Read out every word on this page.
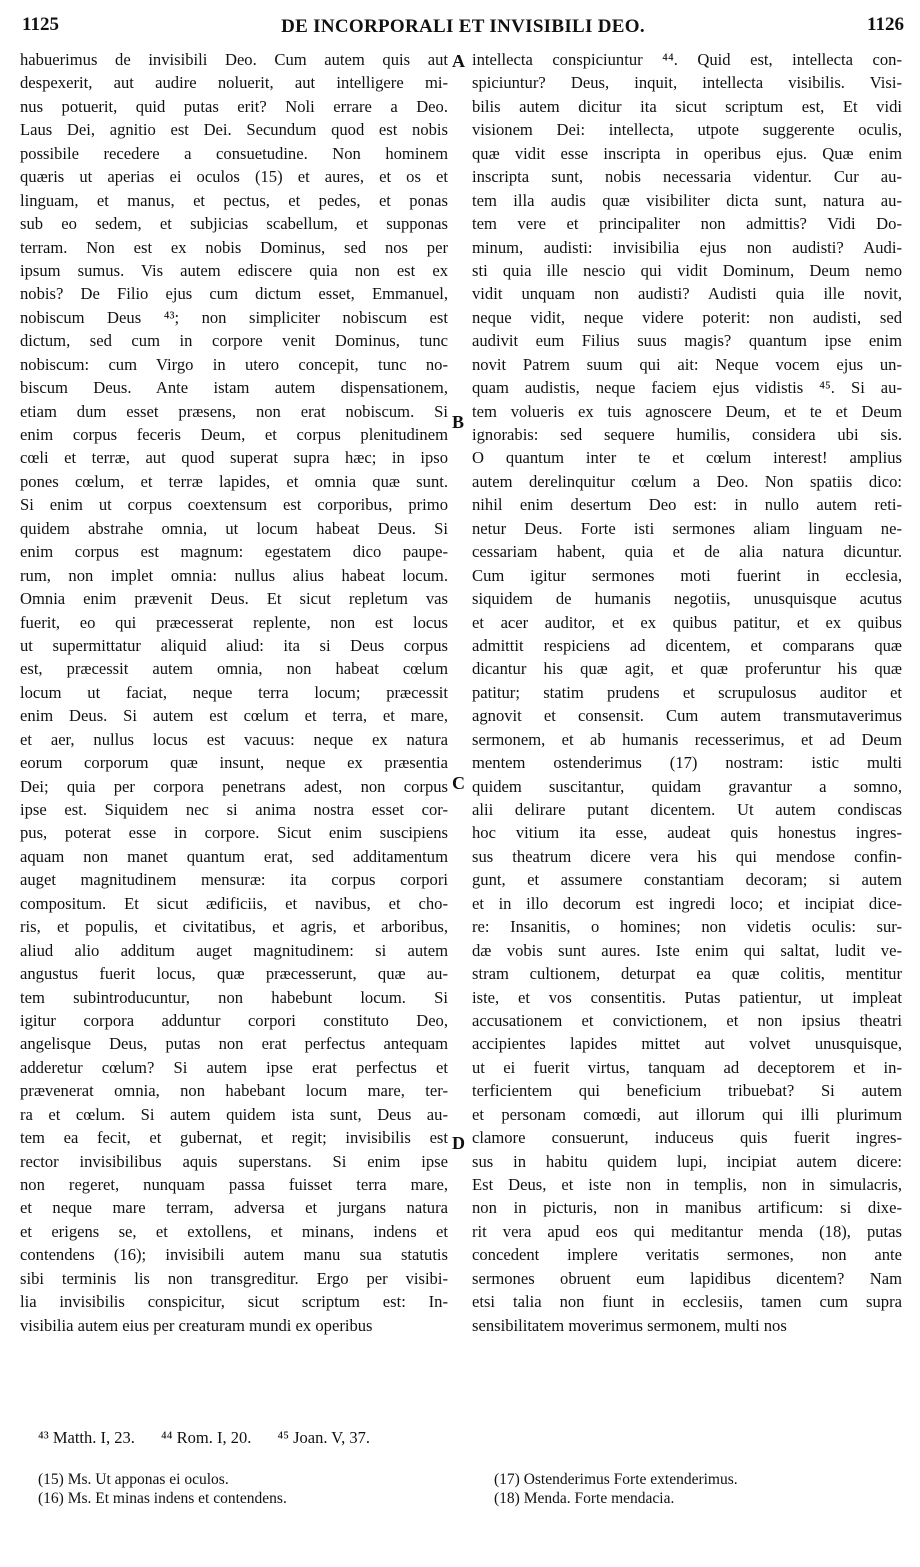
1125	DE INCORPORALI ET INVISIBILI DEO.	1126
habuerimus de invisibili Deo. Cum autem quis aut
despexerit, aut audire noluerit, aut intelligere mi-
nus potuerit, quid putas erit? Noli errare a Deo.
Laus Dei, agnitio est Dei. Secundum quod est nobis
possibile recedere a consuetudine. Non hominem
quæris ut aperias ei oculos (15) et aures, et os et
linguam, et manus, et pectus, et pedes, et ponas
sub eo sedem, et subjicias scabellum, et supponas
terram. Non est ex nobis Dominus, sed nos per
ipsum sumus. Vis autem ediscere quia non est ex
nobis? De Filio ejus cum dictum esset, Emmanuel,
nobiscum Deus ⁴³; non simpliciter nobiscum est
dictum, sed cum in corpore venit Dominus, tunc
nobiscum: cum Virgo in utero concepit, tunc no-
biscum Deus. Ante istam autem dispensationem,
etiam dum esset præsens, non erat nobiscum. Si
enim corpus feceris Deum, et corpus plenitudinem
cœli et terræ, aut quod superat supra hæc; in ipso
pones cœlum, et terræ lapides, et omnia quæ sunt.
Si enim ut corpus coextensum est corporibus, primo
quidem abstrahe omnia, ut locum habeat Deus. Si
enim corpus est magnum: egestatem dico paupe-
rum, non implet omnia: nullus alius habeat locum.
Omnia enim prævenit Deus. Et sicut repletum vas
fuerit, eo qui præcesserat replente, non est locus
ut supermittatur aliquid aliud: ita si Deus corpus
est, præcessit autem omnia, non habeat cœlum
locum ut faciat, neque terra locum; præcessit
enim Deus. Si autem est cœlum et terra, et mare,
et aer, nullus locus est vacuus: neque ex natura
eorum corporum quæ insunt, neque ex præsentia
Dei; quia per corpora penetrans adest, non corpus
ipse est. Siquidem nec si anima nostra esset cor-
pus, poterat esse in corpore. Sicut enim suscipiens
aquam non manet quantum erat, sed additamentum
auget magnitudinem mensuræ: ita corpus corpori
compositum. Et sicut ædificiis, et navibus, et cho-
ris, et populis, et civitatibus, et agris, et arboribus,
aliud alio additum auget magnitudinem: si autem
angustus fuerit locus, quæ præcesserunt, quæ au-
tem subintroducuntur, non habebunt locum. Si
igitur corpora adduntur corpori constituto Deo,
angelisque Deus, putas non erat perfectus antequam
adderetur cœlum? Si autem ipse erat perfectus et
prævenerat omnia, non habebant locum mare, ter-
ra et cœlum. Si autem quidem ista sunt, Deus au-
tem ea fecit, et gubernat, et regit; invisibilis est
rector invisibilibus aquis superstans. Si enim ipse
non regeret, nunquam passa fuisset terra mare,
et neque mare terram, adversa et jurgans natura
et erigens se, et extollens, et minans, indens et
contendens (16); invisibili autem manu sua statutis
sibi terminis lis non transgreditur. Ergo per visibi-
lia invisibilis conspicitur, sicut scriptum est: In-
visibilia autem eius per creaturam mundi ex operibus
intellecta conspiciuntur ⁴⁴. Quid est, intellecta con-
spiciuntur? Deus, inquit, intellecta visibilis. Visi-
bilis autem dicitur ita sicut scriptum est, Et vidi
visionem Dei: intellecta, utpote suggerente oculis,
quæ vidit esse inscripta in operibus ejus. Quæ enim
inscripta sunt, nobis necessaria videntur. Cur au-
tem illa audis quæ visibiliter dicta sunt, natura au-
tem vere et principaliter non admittis? Vidi Do-
minum, audisti: invisibilia ejus non audisti? Audi-
sti quia ille nescio qui vidit Dominum, Deum nemo
vidit unquam non audisti? Audisti quia ille novit,
neque vidit, neque videre poterit: non audisti, sed
audivit eum Filius suus magis? quantum ipse enim
novit Patrem suum qui ait: Neque vocem ejus un-
quam audistis, neque faciem ejus vidistis ⁴⁵. Si au-
tem volueris ex tuis agnoscere Deum, et te et Deum
ignorabis: sed sequere humilis, considera ubi sis.
O quantum inter te et cœlum interest! amplius
autem derelinquitur cœlum a Deo. Non spatiis dico:
nihil enim desertum Deo est: in nullo autem reti-
netur Deus. Forte isti sermones aliam linguam ne-
cessariam habent, quia et de alia natura dicuntur.
Cum igitur sermones moti fuerint in ecclesia,
siquidem de humanis negotiis, unusquisque acutus
et acer auditor, et ex quibus patitur, et ex quibus
admittit respiciens ad dicentem, et comparans quæ
dicantur his quæ agit, et quæ proferuntur his quæ
patitur; statim prudens et scrupulosus auditor et
agnovit et consensit. Cum autem transmutaverimus
sermonem, et ab humanis recesserimus, et ad Deum
mentem ostenderimus (17) nostram: istic multi
quidem suscitantur, quidam gravantur a somno,
alii delirare putant dicentem. Ut autem condiscas
hoc vitium ita esse, audeat quis honestus ingres-
sus theatrum dicere vera his qui mendose confin-
gunt, et assumere constantiam decoram; si autem
et in illo decorum est ingredi loco; et incipiat dice-
re: Insanitis, o homines; non videtis oculis: sur-
dæ vobis sunt aures. Iste enim qui saltat, ludit ve-
stram cultionem, deturpat ea quæ colitis, mentitur
iste, et vos consentitis. Putas patientur, ut impleat
accusationem et convictionem, et non ipsius theatri
accipientes lapides mittet aut volvet unusquisque,
ut ei fuerit virtus, tanquam ad deceptorem et in-
terficientem qui beneficium tribuebat? Si autem
et personam comœdi, aut illorum qui illi plurimum
clamore consuerunt, induceus quis fuerit ingres-
sus in habitu quidem lupi, incipiat autem dicere:
Est Deus, et iste non in templis, non in simulacris,
non in picturis, non in manibus artificum: si dixe-
rit vera apud eos qui meditantur menda (18), putas
concedent implere veritatis sermones, non ante
sermones obruent eum lapidibus dicentem? Nam
etsi talia non fiunt in ecclesiis, tamen cum supra
sensibilitatem moverimus sermonem, multi nos
A
B
C
D
⁴³ Matth. I, 23. ⁴⁴ Rom. I, 20. ⁴⁵ Joan. V, 37.
(15) Ms. Ut apponas ei oculos.
(16) Ms. Et minas indens et contendens.
(17) Ostenderimus Forte extenderimus.
(18) Menda. Forte mendacia.
